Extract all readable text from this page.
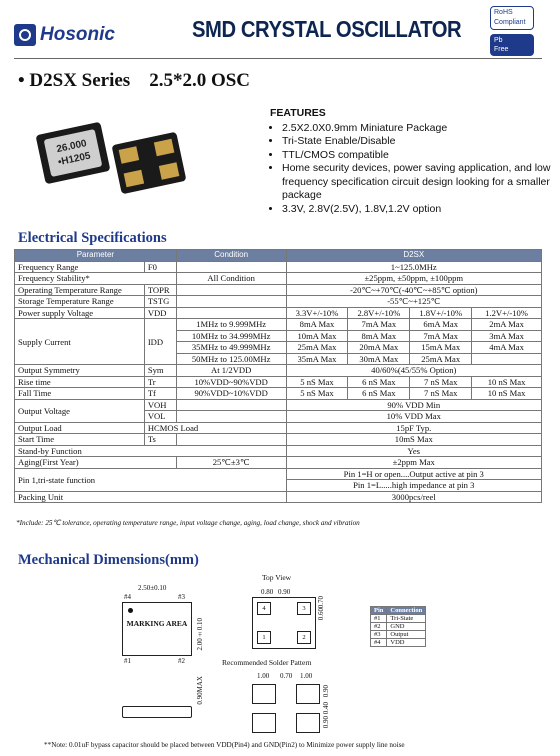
Hosonic	SMD CRYSTAL OSCILLATOR
RoHS
Compliant
Pb
Free
• D2SX Series 2.5*2.0 OSC
26.000
•H1205
FEATURES
• 2.5X2.0X0.9mm Miniature Package
• Tri-State Enable/Disable
• TTL/CMOS compatible
• Home security devices, power saving application, and low frequency specification circuit design looking for a smaller package
• 3.3V, 2.8V(2.5V), 1.8V,1.2V option
Electrical Specifications
Parameter		Condition	D2SX			
Frequency Range	F0		1~125.0MHz			
Frequency Stability*		All Condition	±25ppm, ±50ppm, ±100ppm			
Operating Temperature Range	TOPR		-20℃~+70℃(-40℃~+85℃ option)			
Storage Temperature Range	TSTG		-55℃~+125℃			
Power supply Voltage	VDD		3.3V+/-10%	2.8V+/-10%	1.8V+/-10%	1.2V+/-10%
Supply Current	IDD	1MHz to 9.999MHz	8mA Max	7mA Max	6mA Max	2mA Max
		10MHz to 34.999MHz	10mA Max	8mA Max	7mA Max	3mA Max
		35MHz to 49.999MHz	25mA Max	20mA Max	15mA Max	4mA Max
		50MHz to 125.00MHz	35mA Max	30mA Max	25mA Max	
Output Symmetry	Sym	At 1/2VDD	40/60%(45/55% Option)			
Rise time	Tr	10%VDD~90%VDD	5 nS Max	6 nS Max	7 nS Max	10 nS Max
Fall Time	Tf	90%VDD~10%VDD	5 nS Max	6 nS Max	7 nS Max	10 nS Max
Output Voltage	VOH		90% VDD Min			
	VOL		10% VDD Max			
Output Load	HCMOS Load		15pF Typ.			
Start Time	Ts		10mS Max			
Stand-by Function			Yes			
Aging(First Year)		25℃±3℃	±2ppm Max			
Pin 1,tri-state function			Pin 1=H or open....Output active at pin 3			
			Pin 1=L.....high impedance at pin 3			
Packing Unit			3000pcs/reel			
*Include: 25℃ tolerance, operating temperature range, input voltage change, aging, load change, shock and vibration
Mechanical Dimensions(mm)
2.50±0.10
#4	#3
MARKING AREA
#1	#2
2.00±0.10
0.90MAX
Top View
0.80 0.90
4	3
1	2
0.60
0.70
Pin	Connection
#1	Tri-State
#2	GND
#3	Output
#4	VDD
Recommended Solder Pattern
1.00 0.70 1.00
0.90
0.40
0.90
**Note: 0.01uF bypass capacitor should be placed between VDD(Pin4) and GND(Pin2) to Minimize power supply line noise
